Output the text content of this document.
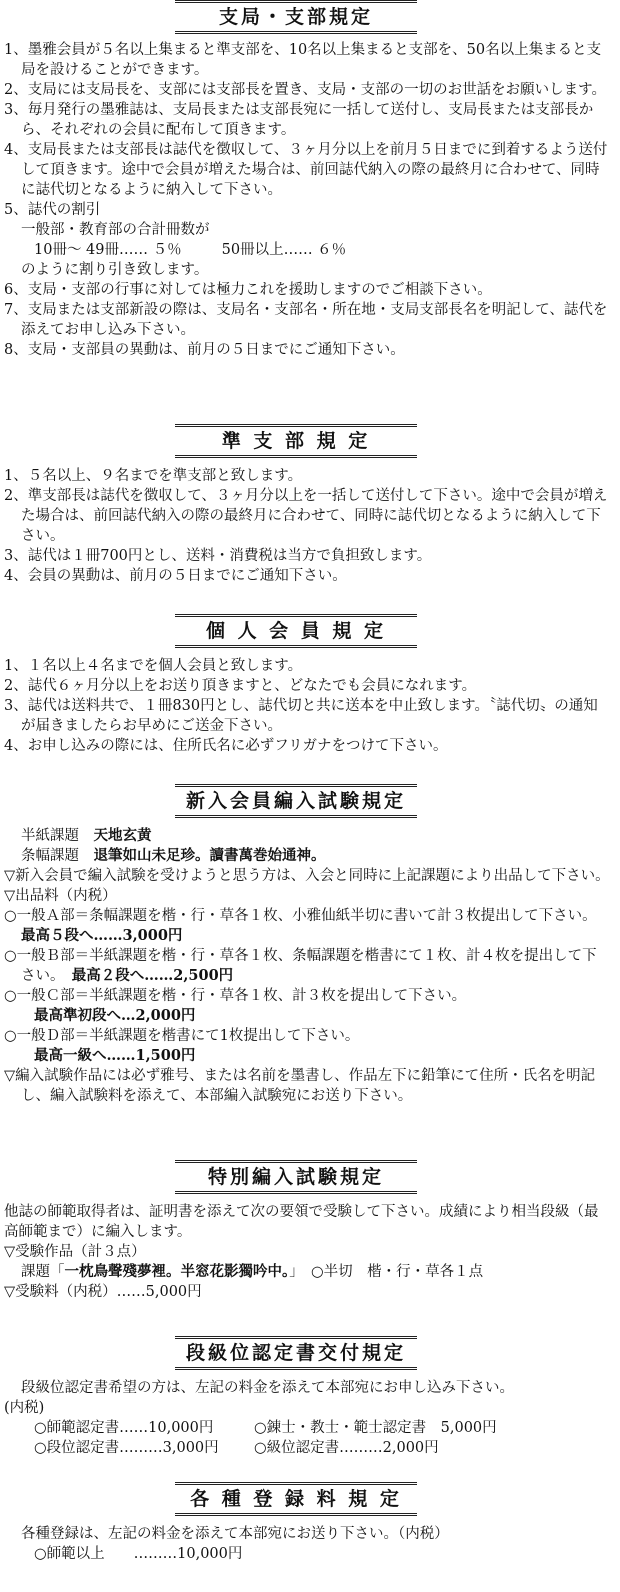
支局・支部規定

1、墨雅会員が５名以上集まると準支部を、10名以上集まると支部を、50名以上集まると支局を設けることができます。

2、支局には支局長を、支部には支部長を置き、支局・支部の一切のお世話をお願いします。

3、毎月発行の墨雅誌は、支局長または支部長宛に一括して送付し、支局長または支部長から、それぞれの会員に配布して頂きます。

4、支局長または支部長は誌代を徴収して、３ヶ月分以上を前月５日までに到着するよう送付して頂きます。途中で会員が増えた場合は、前回誌代納入の際の最終月に合わせて、同時に誌代切となるように納入して下さい。

5、誌代の割引

一般部・教育部の合計冊数が

10冊～ 49冊…… ５％	50冊以上…… ６％

のように割り引き致します。

6、支局・支部の行事に対しては極力これを援助しますのでご相談下さい。

7、支局または支部新設の際は、支局名・支部名・所在地・支局支部長名を明記して、誌代を添えてお申し込み下さい。

8、支局・支部員の異動は、前月の５日までにご通知下さい。

準 支 部 規 定

1、５名以上、９名までを準支部と致します。

2、準支部長は誌代を徴収して、３ヶ月分以上を一括して送付して下さい。途中で会員が増えた場合は、前回誌代納入の際の最終月に合わせて、同時に誌代切となるように納入して下さい。

3、誌代は１冊700円とし、送料・消費税は当方で負担致します。

4、会員の異動は、前月の５日までにご通知下さい。

個 人 会 員 規 定

1、１名以上４名までを個人会員と致します。

2、誌代６ヶ月分以上をお送り頂きますと、どなたでも会員になれます。

3、誌代は送料共で、１冊830円とし、誌代切と共に送本を中止致します。〝誌代切〟の通知が届きましたらお早めにご送金下さい。

4、お申し込みの際には、住所氏名に必ずフリガナをつけて下さい。

新入会員編入試験規定

半紙課題　 天地玄黄

条幅課題　 退筆如山未足珍。讀書萬巻始通神。

▽新入会員で編入試験を受けようと思う方は、入会と同時に上記課題により出品して下さい。

▽出品料（内税）

○一般Ａ部＝条幅課題を楷・行・草各１枚、小雅仙紙半切に書いて計３枚提出して下さい。　最高５段へ……3,000円

○一般Ｂ部＝半紙課題を楷・行・草各１枚、条幅課題を楷書にて１枚、計４枚を提出して下さい。　 最高２段へ……2,500円

○一般Ｃ部＝半紙課題を楷・行・草各１枚、計３枚を提出して下さい。

最高準初段へ…2,000円

○一般Ｄ部＝半紙課題を楷書にて1枚提出して下さい。

最高一級へ……1,500円

▽編入試験作品には必ず雅号、または名前を墨書し、作品左下に鉛筆にて住所・氏名を明記し、編入試験料を添えて、本部編入試験宛にお送り下さい。

特別編入試験規定

他誌の師範取得者は、証明書を添えて次の要領で受験して下さい。成績により相当段級（最高師範まで）に編入します。

▽受験作品（計３点）

課題「一枕鳥聲殘夢裡。半窓花影獨吟中。」　 ○半切　楷・行・草各１点

▽受験料（内税）……5,000円

段級位認定書交付規定

段級位認定書希望の方は、左記の料金を添えて本部宛にお申し込み下さい。

(内税)

○師範認定書……10,000円	○錬士・教士・範士認定書　5,000円

○段位認定書………3,000円	○級位認定書………2,000円

各 種 登 録 料 規 定

各種登録は、左記の料金を添えて本部宛にお送り下さい。（内税）

○師範以上　　………10,000円
